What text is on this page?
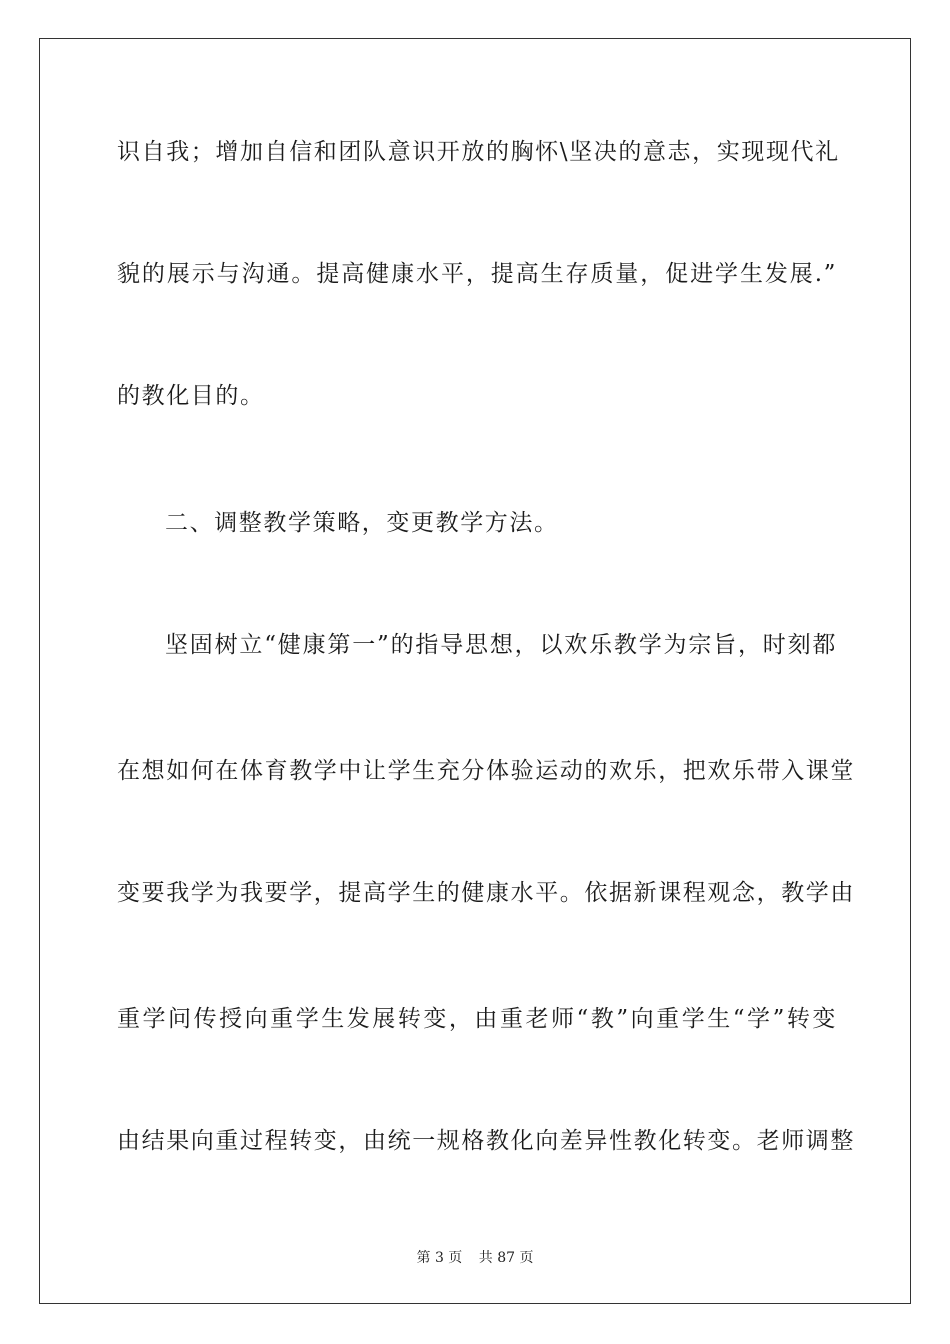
识自我；增加自信和团队意识开放的胸怀\坚决的意志，实现现代礼
貌的展示与沟通。提高健康水平，提高生存质量，促进学生发展.”
的教化目的。
二、调整教学策略，变更教学方法。
坚固树立“健康第一”的指导思想，以欢乐教学为宗旨，时刻都
在想如何在体育教学中让学生充分体验运动的欢乐，把欢乐带入课堂
变要我学为我要学，提高学生的健康水平。依据新课程观念，教学由
重学问传授向重学生发展转变，由重老师“教”向重学生“学”转变
由结果向重过程转变，由统一规格教化向差异性教化转变。老师调整
第 3 页 共 87 页
